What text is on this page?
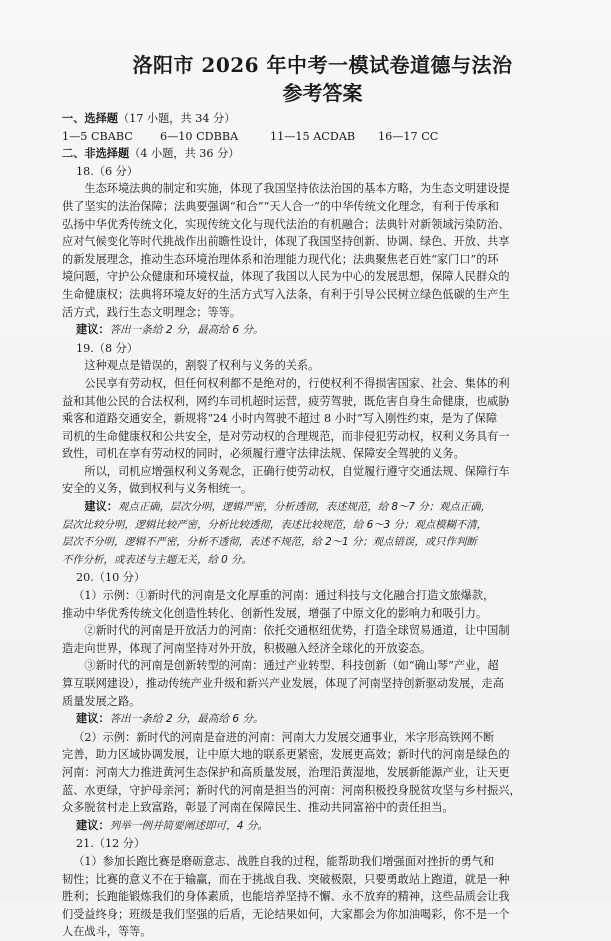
洛阳市 2026 年中考一模试卷道德与法治
参考答案
一、选择题（17 小题，共 34 分）
1—5 CBABC	6—10 CDBBA	11—15 ACDAB	16—17 CC
二、非选择题（4 小题，共 36 分）
18.（6 分）

生态环境法典的制定和实施，体现了我国坚持依法治国的基本方略，为生态文明建设提

供了坚实的法治保障；法典要强调“和合”“天人合一”的中华传统文化理念，有利于传承和

弘扬中华优秀传统文化，实现传统文化与现代法治的有机融合；法典针对新领域污染防治、

应对气候变化等时代挑战作出前瞻性设计，体现了我国坚持创新、协调、绿色、开放、共享

的新发展理念，推动生态环境治理体系和治理能力现代化；法典聚焦老百姓“家门口”的环

境问题，守护公众健康和环境权益，体现了我国以人民为中心的发展思想，保障人民群众的

生命健康权；法典将环境友好的生活方式写入法条，有利于引导公民树立绿色低碳的生产生

活方式，践行生态文明理念；等等。

建议：答出一条给 2 分，最高给 6 分。

19.（8 分）

这种观点是错误的，割裂了权利与义务的关系。

公民享有劳动权，但任何权利都不是绝对的，行使权利不得损害国家、社会、集体的利

益和其他公民的合法权利，网约车司机超时运营，疲劳驾驶，既危害自身生命健康，也威胁

乘客和道路交通安全，新规将“24 小时内驾驶不超过 8 小时”写入刚性约束，是为了保障

司机的生命健康权和公共安全，是对劳动权的合理规范，而非侵犯劳动权，权利义务具有一

致性，司机在享有劳动权的同时，必须履行遵守法律法规、保障安全驾驶的义务。

所以，司机应增强权利义务观念，正确行使劳动权，自觉履行遵守交通法规、保障行车

安全的义务，做到权利与义务相统一。

建议：观点正确，层次分明，逻辑严密，分析透彻，表述规范，给 8～7 分；观点正确，

层次比较分明，逻辑比较严密，分析比较透彻，表述比较规范，给 6～3 分；观点模糊不清，

层次不分明，逻辑不严密，分析不透彻，表述不规范，给 2～1 分；观点错误，或只作判断

不作分析，或表述与主题无关，给 0 分。

20.（10 分）

（1）示例：①新时代的河南是文化厚重的河南：通过科技与文化融合打造文旅爆款，

推动中华优秀传统文化创造性转化、创新性发展，增强了中原文化的影响力和吸引力。

②新时代的河南是开放活力的河南：依托交通枢纽优势，打造全球贸易通道，让中国制

造走向世界，体现了河南坚持对外开放，积极融入经济全球化的开放姿态。

③新时代的河南是创新转型的河南：通过产业转型、科技创新（如“确山琴”产业，超

算互联网建设），推动传统产业升级和新兴产业发展，体现了河南坚持创新驱动发展，走高

质量发展之路。

建议：答出一条给 2 分，最高给 6 分。

（2）示例：新时代的河南是奋进的河南：河南大力发展交通事业，米字形高铁网不断

完善，助力区域协调发展，让中原大地的联系更紧密，发展更高效；新时代的河南是绿色的

河南：河南大力推进黄河生态保护和高质量发展，治理沿黄湿地，发展新能源产业，让天更

蓝、水更绿，守护母亲河；新时代的河南是担当的河南：河南积极投身脱贫攻坚与乡村振兴，

众多脱贫村走上致富路，彰显了河南在保障民生、推动共同富裕中的责任担当。

建议：列举一例并简要阐述即可，4 分。

21.（12 分）

（1）参加长跑比赛是磨砺意志、战胜自我的过程，能帮助我们增强面对挫折的勇气和

韧性；比赛的意义不在于输赢，而在于挑战自我、突破极限，只要勇敢站上跑道，就是一种

胜利；长跑能锻炼我们的身体素质，也能培养坚持不懈、永不放弃的精神，这些品质会让我

们受益终身；班级是我们坚强的后盾，无论结果如何，大家都会为你加油喝彩，你不是一个

人在战斗，等等。
